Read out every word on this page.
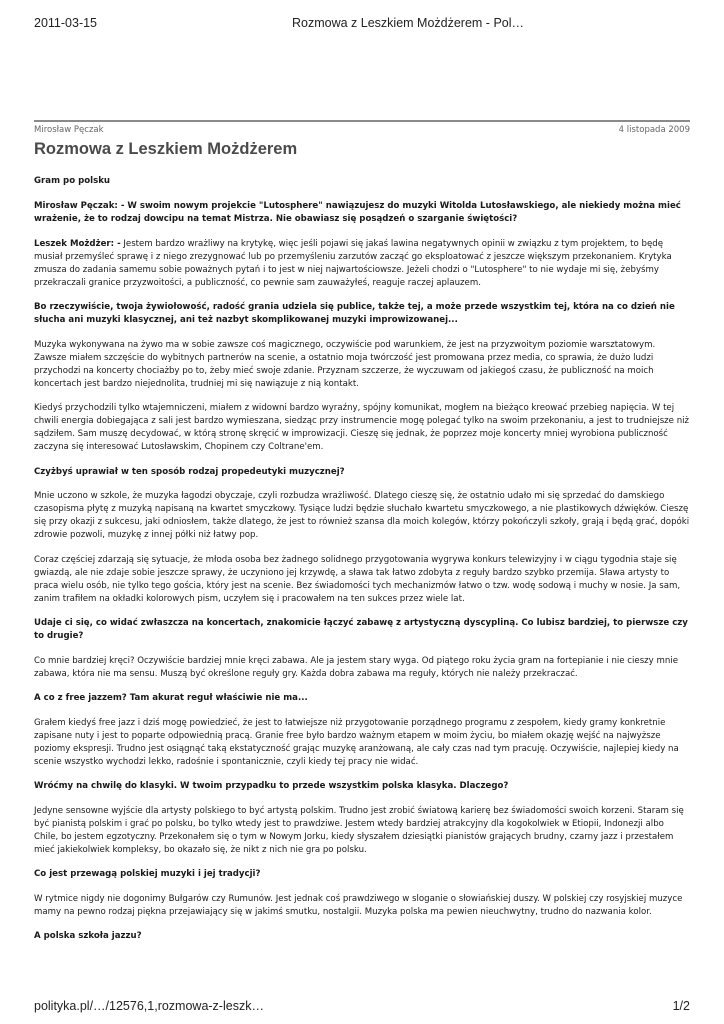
2011-03-15	Rozmowa z Leszkiem Możdżerem - Pol…
Mirosław Pęczak	4 listopada 2009
Rozmowa z Leszkiem Możdżerem
Gram po polsku

Mirosław Pęczak: - W swoim nowym projekcie "Lutosphere" nawiązujesz do muzyki Witolda Lutosławskiego, ale niekiedy można mieć wrażenie, że to rodzaj dowcipu na temat Mistrza. Nie obawiasz się posądzeń o szarganie świętości?

Leszek Możdżer: - Jestem bardzo wrażliwy na krytykę, więc jeśli pojawi się jakaś lawina negatywnych opinii w związku z tym projektem, to będę musiał przemyśleć sprawę i z niego zrezygnować lub po przemyśleniu zarzutów zacząć go eksploatować z jeszcze większym przekonaniem. Krytyka zmusza do zadania samemu sobie poważnych pytań i to jest w niej najwartościowsze. Jeżeli chodzi o "Lutosphere" to nie wydaje mi się, żebyśmy przekraczali granice przyzwoitości, a publiczność, co pewnie sam zauważyłeś, reaguje raczej aplauzem.

Bo rzeczywiście, twoja żywiołowość, radość grania udziela się publice, także tej, a może przede wszystkim tej, która na co dzień nie słucha ani muzyki klasycznej, ani też nazbyt skomplikowanej muzyki improwizowanej...

Muzyka wykonywana na żywo ma w sobie zawsze coś magicznego, oczywiście pod warunkiem, że jest na przyzwoitym poziomie warsztatowym. Zawsze miałem szczęście do wybitnych partnerów na scenie, a ostatnio moja twórczość jest promowana przez media, co sprawia, że dużo ludzi przychodzi na koncerty chociażby po to, żeby mieć swoje zdanie. Przyznam szczerze, że wyczuwam od jakiegoś czasu, że publiczność na moich koncertach jest bardzo niejednolita, trudniej mi się nawiązuje z nią kontakt.

Kiedyś przychodzili tylko wtajemniczeni, miałem z widowni bardzo wyraźny, spójny komunikat, mogłem na bieżąco kreować przebieg napięcia. W tej chwili energia dobiegająca z sali jest bardzo wymieszana, siedząc przy instrumencie mogę polegać tylko na swoim przekonaniu, a jest to trudniejsze niż sądziłem. Sam muszę decydować, w którą stronę skręcić w improwizacji. Cieszę się jednak, że poprzez moje koncerty mniej wyrobiona publiczność zaczyna się interesować Lutosławskim, Chopinem czy Coltrane'em.

Czyżbyś uprawiał w ten sposób rodzaj propedeutyki muzycznej?

Mnie uczono w szkole, że muzyka łagodzi obyczaje, czyli rozbudza wrażliwość. Dlatego cieszę się, że ostatnio udało mi się sprzedać do damskiego czasopisma płytę z muzyką napisaną na kwartet smyczkowy. Tysiące ludzi będzie słuchało kwartetu smyczkowego, a nie plastikowych dźwięków. Cieszę się przy okazji z sukcesu, jaki odniosłem, także dlatego, że jest to również szansa dla moich kolegów, którzy pokończyli szkoły, grają i będą grać, dopóki zdrowie pozwoli, muzykę z innej półki niż łatwy pop.

Coraz częściej zdarzają się sytuacje, że młoda osoba bez żadnego solidnego przygotowania wygrywa konkurs telewizyjny i w ciągu tygodnia staje się gwiazdą, ale nie zdaje sobie jeszcze sprawy, że uczyniono jej krzywdę, a sława tak łatwo zdobyta z reguły bardzo szybko przemija. Sława artysty to praca wielu osób, nie tylko tego gościa, który jest na scenie. Bez świadomości tych mechanizmów łatwo o tzw. wodę sodową i muchy w nosie. Ja sam, zanim trafiłem na okładki kolorowych pism, uczyłem się i pracowałem na ten sukces przez wiele lat.

Udaje ci się, co widać zwłaszcza na koncertach, znakomicie łączyć zabawę z artystyczną dyscypliną. Co lubisz bardziej, to pierwsze czy to drugie?

Co mnie bardziej kręci? Oczywiście bardziej mnie kręci zabawa. Ale ja jestem stary wyga. Od piątego roku życia gram na fortepianie i nie cieszy mnie zabawa, która nie ma sensu. Muszą być określone reguły gry. Każda dobra zabawa ma reguły, których nie należy przekraczać.

A co z free jazzem? Tam akurat reguł właściwie nie ma...

Grałem kiedyś free jazz i dziś mogę powiedzieć, że jest to łatwiejsze niż przygotowanie porządnego programu z zespołem, kiedy gramy konkretnie zapisane nuty i jest to poparte odpowiednią pracą. Granie free było bardzo ważnym etapem w moim życiu, bo miałem okazję wejść na najwyższe poziomy ekspresji. Trudno jest osiągnąć taką ekstatyczność grając muzykę aranżowaną, ale cały czas nad tym pracuję. Oczywiście, najlepiej kiedy na scenie wszystko wychodzi lekko, radośnie i spontanicznie, czyli kiedy tej pracy nie widać.

Wróćmy na chwilę do klasyki. W twoim przypadku to przede wszystkim polska klasyka. Dlaczego?

Jedyne sensowne wyjście dla artysty polskiego to być artystą polskim. Trudno jest zrobić światową karierę bez świadomości swoich korzeni. Staram się być pianistą polskim i grać po polsku, bo tylko wtedy jest to prawdziwe. Jestem wtedy bardziej atrakcyjny dla kogokolwiek w Etiopii, Indonezji albo Chile, bo jestem egzotyczny. Przekonałem się o tym w Nowym Jorku, kiedy słyszałem dziesiątki pianistów grających brudny, czarny jazz i przestałem mieć jakiekolwiek kompleksy, bo okazało się, że nikt z nich nie gra po polsku.

Co jest przewagą polskiej muzyki i jej tradycji?

W rytmice nigdy nie dogonimy Bułgarów czy Rumunów. Jest jednak coś prawdziwego w sloganie o słowiańskiej duszy. W polskiej czy rosyjskiej muzyce mamy na pewno rodzaj piękna przejawiający się w jakimś smutku, nostalgii. Muzyka polska ma pewien nieuchwytny, trudno do nazwania kolor.

A polska szkoła jazzu?

polityka.pl/…/12576,1,rozmowa-z-leszk…	1/2
